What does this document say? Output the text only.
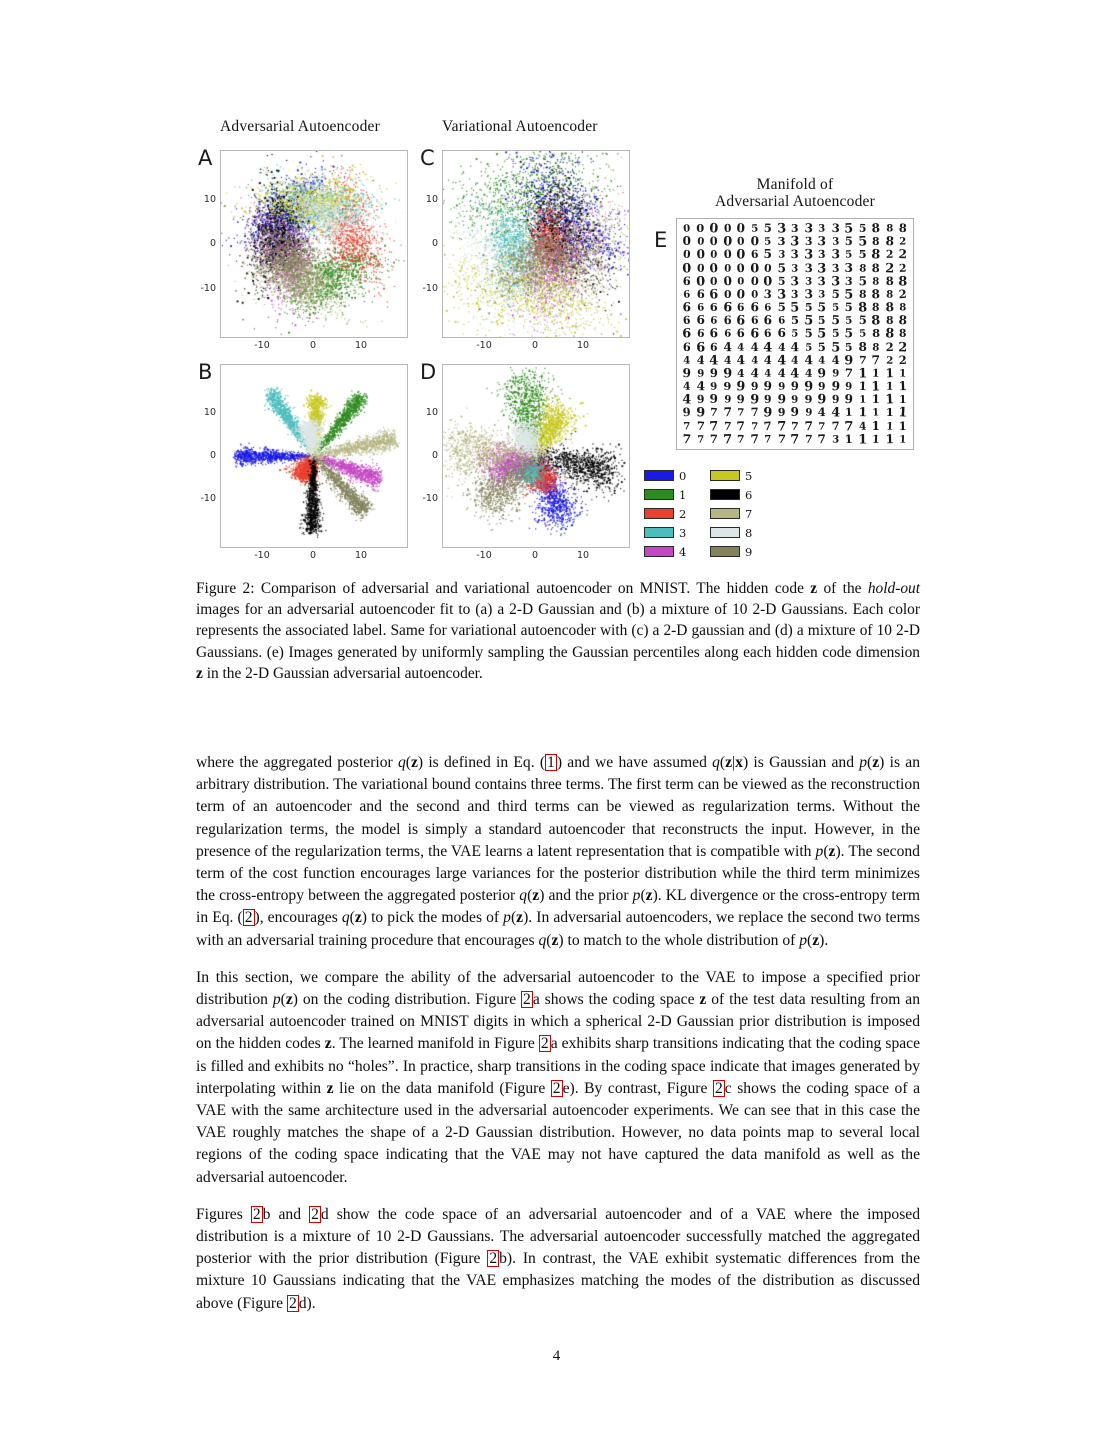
Adversarial Autoencoder	Variational Autoencoder
Manifold of
Adversarial Autoencoder
A
10
0
-10
-10	0	10
C
10
0
-10
-10	0	10
B
10
0
-10
-10	0	10
D
10
0
-10
-10	0	10
E
0 0 0 0 0 5 5 3 3 3 3 3 5 5 8 8 8
0 0 0 0 0 0 5 3 3 3 3 3 5 5 8 8 2
0 0 0 0 0 6 5 3 3 3 3 3 5 5 8 2 2
0 0 0 0 0 0 0 5 3 3 3 3 3 8 8 2 2
6 0 0 0 0 0 0 5 3 3 3 3 3 5 8 8 8
6 6 6 0 0 0 3 3 3 3 3 5 5 8 8 8 2
6 6 6 6 6 6 6 5 5 5 5 5 5 8 8 8 8
6 6 6 6 6 6 6 6 5 5 5 5 5 5 8 8 8
6 6 6 6 6 6 6 6 5 5 5 5 5 5 8 8 8
6 6 6 4 4 4 4 4 4 5 5 5 5 8 8 2 2
4 4 4 4 4 4 4 4 4 4 4 4 9 7 7 2 2
9 9 9 9 4 4 4 4 4 4 9 9 7 1 1 1 1
4 4 9 9 9 9 9 9 9 9 9 9 9 1 1 1 1
4 9 9 9 9 9 9 9 9 9 9 9 9 1 1 1 1
9 9 7 7 7 7 9 9 9 9 4 4 1 1 1 1 1
7 7 7 7 7 7 7 7 7 7 7 7 7 4 1 1 1
7 7 7 7 7 7 7 7 7 7 7 3 1 1 1 1 1
0
1
2
3
4
5
6
7
8
9
Figure 2: Comparison of adversarial and variational autoencoder on MNIST. The hidden code z of the hold-out images for an adversarial autoencoder fit to (a) a 2-D Gaussian and (b) a mixture of 10 2-D Gaussians. Each color represents the associated label. Same for variational autoencoder with (c) a 2-D gaussian and (d) a mixture of 10 2-D Gaussians. (e) Images generated by uniformly sampling the Gaussian percentiles along each hidden code dimension z in the 2-D Gaussian adversarial autoencoder.

where the aggregated posterior q(z) is defined in Eq. ( 1 ) and we have assumed q(z|x) is Gaussian and p(z) is an arbitrary distribution. The variational bound contains three terms. The first term can be viewed as the reconstruction term of an autoencoder and the second and third terms can be viewed as regularization terms. Without the regularization terms, the model is simply a standard autoencoder that reconstructs the input. However, in the presence of the regularization terms, the VAE learns a latent representation that is compatible with p(z). The second term of the cost function encourages large variances for the posterior distribution while the third term minimizes the cross-entropy between the aggregated posterior q(z) and the prior p(z). KL divergence or the cross-entropy term in Eq. ( 2 ), encourages q(z) to pick the modes of p(z). In adversarial autoencoders, we replace the second two terms with an adversarial training procedure that encourages q(z) to match to the whole distribution of p(z).

In this section, we compare the ability of the adversarial autoencoder to the VAE to impose a specified prior distribution p(z) on the coding distribution. Figure 2 a shows the coding space z of the test data resulting from an adversarial autoencoder trained on MNIST digits in which a spherical 2-D Gaussian prior distribution is imposed on the hidden codes z. The learned manifold in Figure 2 a exhibits sharp transitions indicating that the coding space is filled and exhibits no “holes”. In practice, sharp transitions in the coding space indicate that images generated by interpolating within z lie on the data manifold (Figure 2 e). By contrast, Figure 2 c shows the coding space of a VAE with the same architecture used in the adversarial autoencoder experiments. We can see that in this case the VAE roughly matches the shape of a 2-D Gaussian distribution. However, no data points map to several local regions of the coding space indicating that the VAE may not have captured the data manifold as well as the adversarial autoencoder.

Figures 2 b and 2 d show the code space of an adversarial autoencoder and of a VAE where the imposed distribution is a mixture of 10 2-D Gaussians. The adversarial autoencoder successfully matched the aggregated posterior with the prior distribution (Figure 2 b). In contrast, the VAE exhibit systematic differences from the mixture 10 Gaussians indicating that the VAE emphasizes matching the modes of the distribution as discussed above (Figure 2 d).

4
